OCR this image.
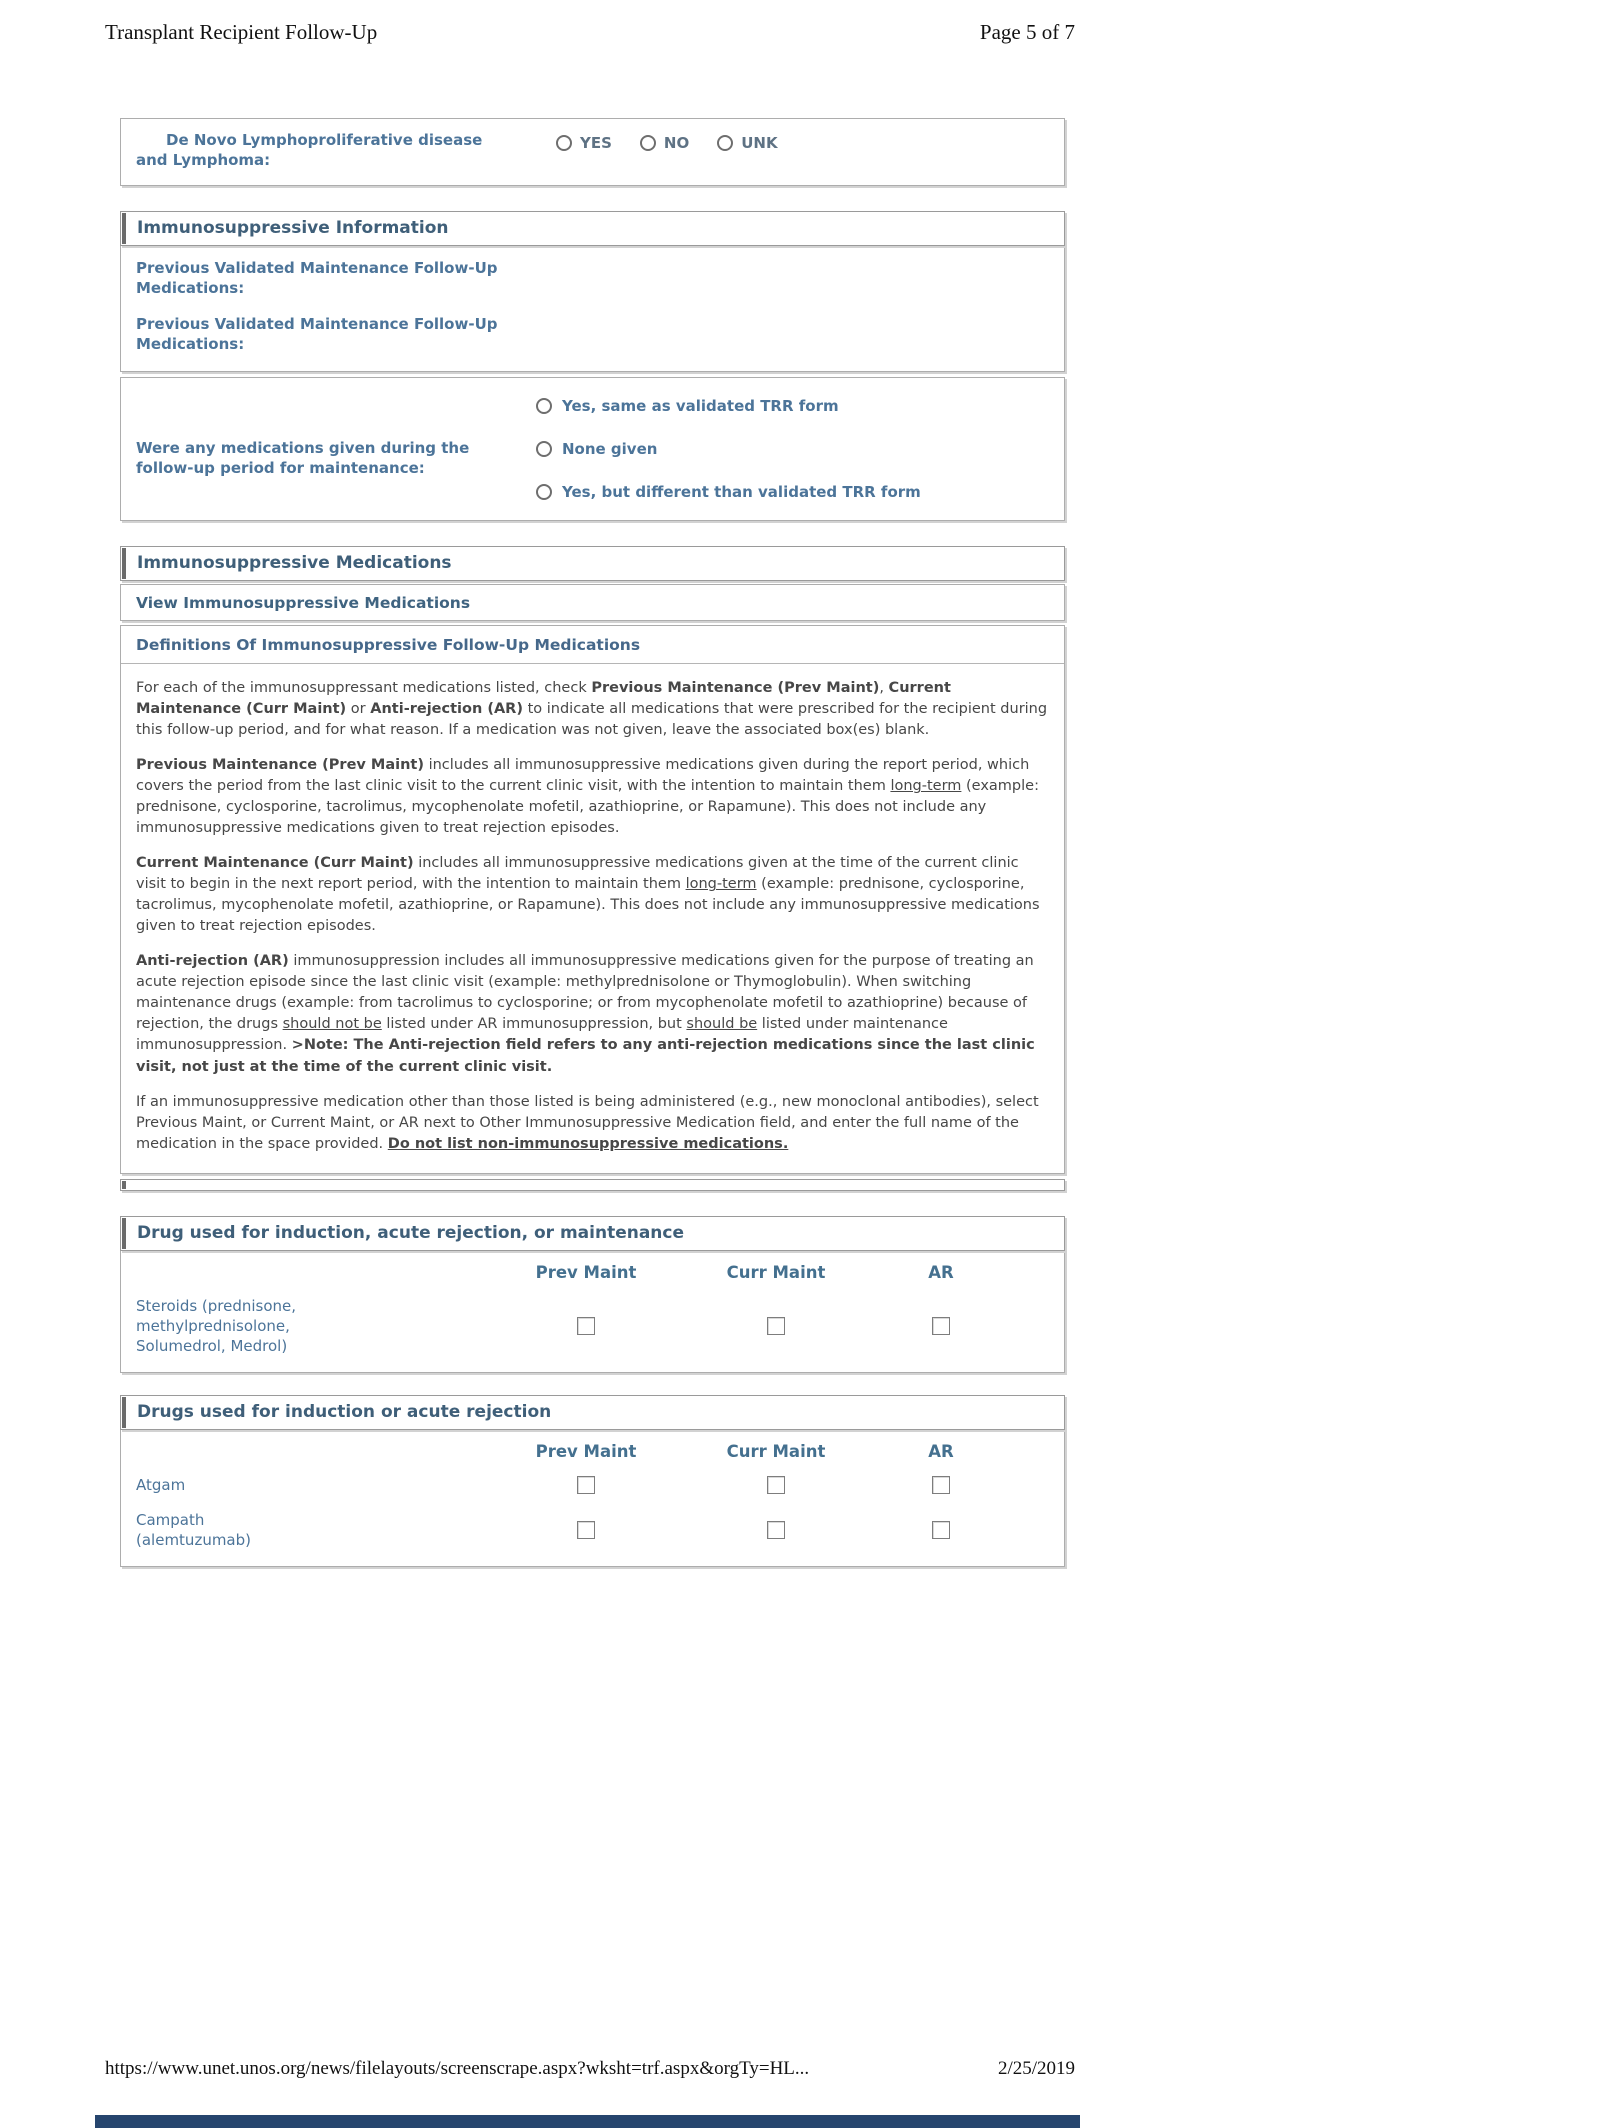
Transplant Recipient Follow-Up	Page 5 of 7
De Novo Lymphoproliferative disease and Lymphoma:
YES	NO	UNK
Immunosuppressive Information
Previous Validated Maintenance Follow-Up Medications:
Previous Validated Maintenance Follow-Up Medications:
Were any medications given during the follow-up period for maintenance:
Yes, same as validated TRR form
None given
Yes, but different than validated TRR form
Immunosuppressive Medications
View Immunosuppressive Medications
Definitions Of Immunosuppressive Follow-Up Medications

For each of the immunosuppressant medications listed, check Previous Maintenance (Prev Maint), Current Maintenance (Curr Maint) or Anti-rejection (AR) to indicate all medications that were prescribed for the recipient during this follow-up period, and for what reason. If a medication was not given, leave the associated box(es) blank.

Previous Maintenance (Prev Maint) includes all immunosuppressive medications given during the report period, which covers the period from the last clinic visit to the current clinic visit, with the intention to maintain them long-term (example: prednisone, cyclosporine, tacrolimus, mycophenolate mofetil, azathioprine, or Rapamune). This does not include any immunosuppressive medications given to treat rejection episodes.

Current Maintenance (Curr Maint) includes all immunosuppressive medications given at the time of the current clinic visit to begin in the next report period, with the intention to maintain them long-term (example: prednisone, cyclosporine, tacrolimus, mycophenolate mofetil, azathioprine, or Rapamune). This does not include any immunosuppressive medications given to treat rejection episodes.

Anti-rejection (AR) immunosuppression includes all immunosuppressive medications given for the purpose of treating an acute rejection episode since the last clinic visit (example: methylprednisolone or Thymoglobulin). When switching maintenance drugs (example: from tacrolimus to cyclosporine; or from mycophenolate mofetil to azathioprine) because of rejection, the drugs should not be listed under AR immunosuppression, but should be listed under maintenance immunosuppression. >Note: The Anti-rejection field refers to any anti-rejection medications since the last clinic visit, not just at the time of the current clinic visit.

If an immunosuppressive medication other than those listed is being administered (e.g., new monoclonal antibodies), select Previous Maint, or Current Maint, or AR next to Other Immunosuppressive Medication field, and enter the full name of the medication in the space provided. Do not list non-immunosuppressive medications.

Drug used for induction, acute rejection, or maintenance
Prev Maint	Curr Maint	AR
Steroids (prednisone, methylprednisolone, Solumedrol, Medrol)
Drugs used for induction or acute rejection
Prev Maint	Curr Maint	AR
Atgam
Campath (alemtuzumab)
https://www.unet.unos.org/news/filelayouts/screenscrape.aspx?wksht=trf.aspx&orgTy=HL...	2/25/2019
